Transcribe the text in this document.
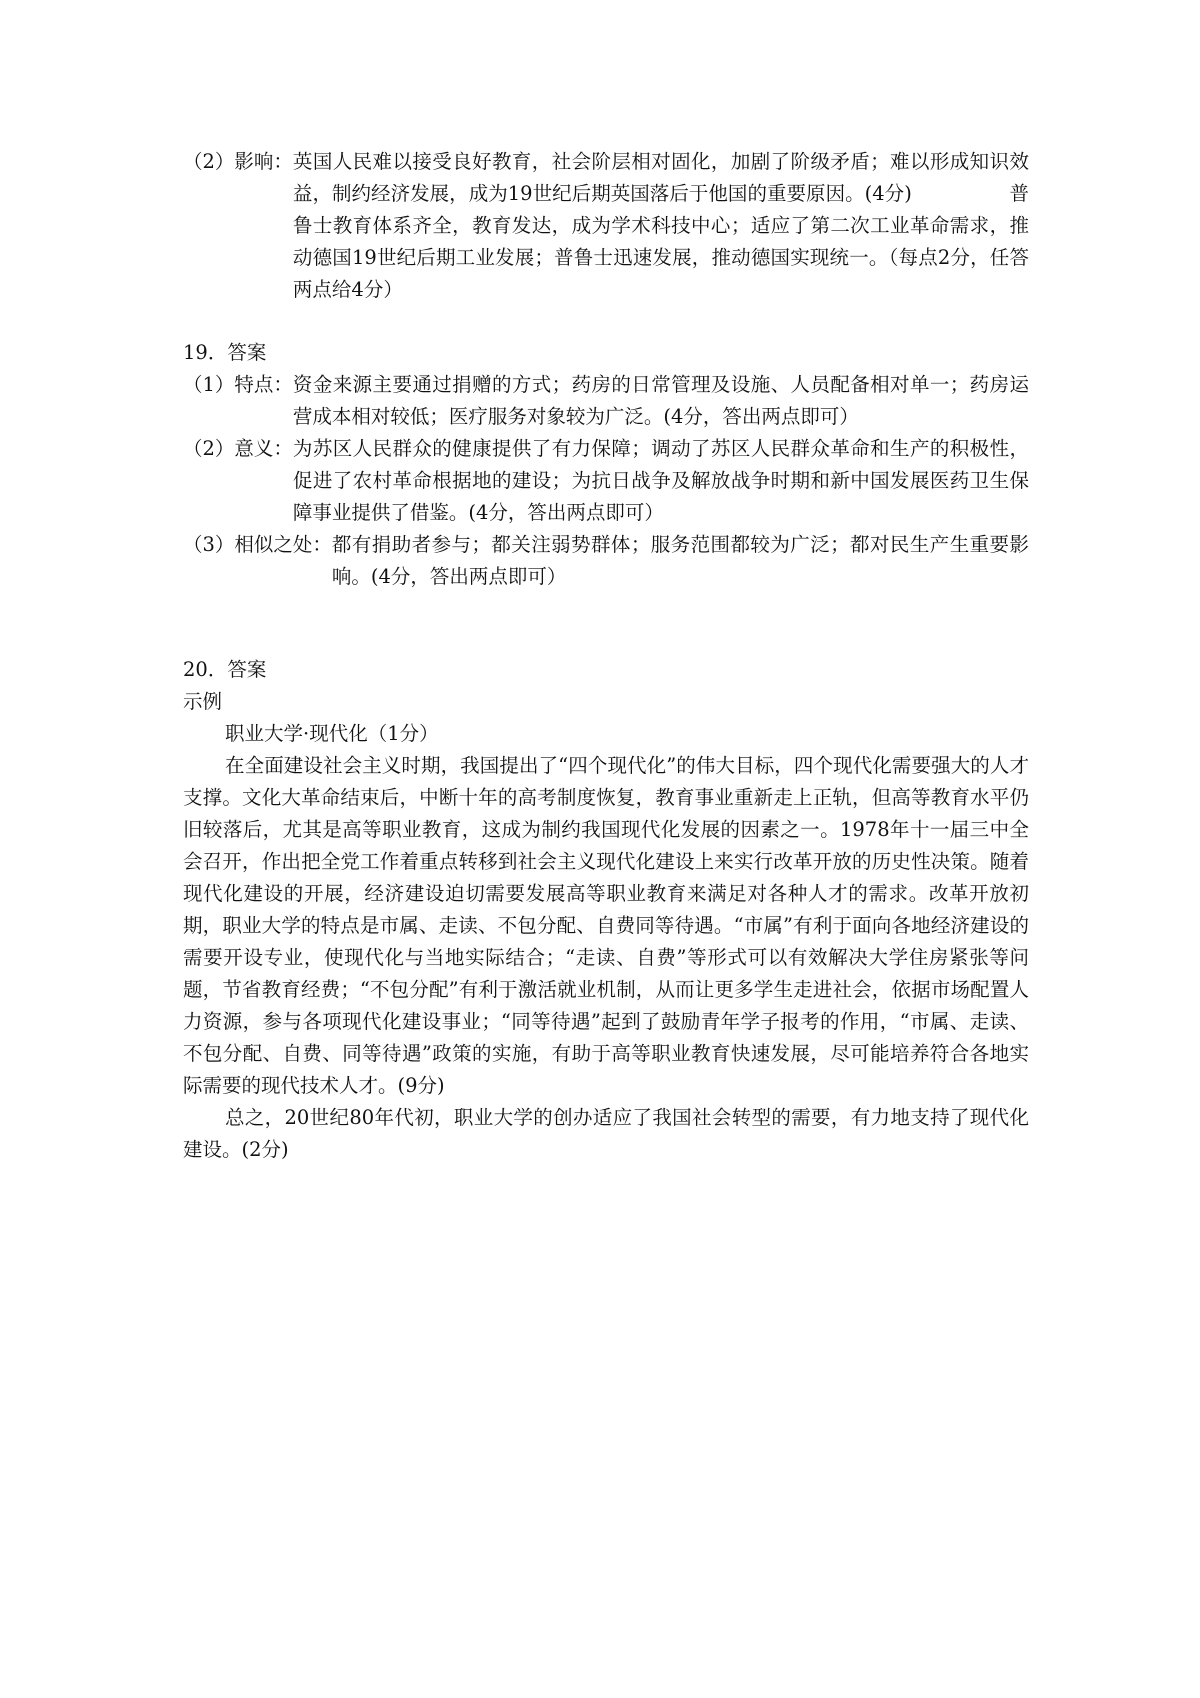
（2）影响： 英国人民难以接受良好教育，社会阶层相对固化，加剧了阶级矛盾；难以形成知识效益，制约经济发展，成为19世纪后期英国落后于他国的重要原因。(4分)　　　　　普鲁士教育体系齐全，教育发达，成为学术科技中心；适应了第二次工业革命需求，推动德国19世纪后期工业发展；普鲁士迅速发展，推动德国实现统一。（每点2分，任答两点给4分）
19．答案
（1）特点： 资金来源主要通过捐赠的方式；药房的日常管理及设施、人员配备相对单一；药房运营成本相对较低；医疗服务对象较为广泛。(4分，答出两点即可）
（2）意义： 为苏区人民群众的健康提供了有力保障；调动了苏区人民群众革命和生产的积极性，促进了农村革命根据地的建设；为抗日战争及解放战争时期和新中国发展医药卫生保障事业提供了借鉴。(4分，答出两点即可）
（3）相似之处： 都有捐助者参与；都关注弱势群体；服务范围都较为广泛；都对民生产生重要影响。(4分，答出两点即可）
20．答案
示例
职业大学·现代化（1分）
在全面建设社会主义时期，我国提出了“四个现代化”的伟大目标，四个现代化需要强大的人才支撑。文化大革命结束后，中断十年的高考制度恢复，教育事业重新走上正轨，但高等教育水平仍旧较落后，尤其是高等职业教育，这成为制约我国现代化发展的因素之一。1978年十一届三中全会召开，作出把全党工作着重点转移到社会主义现代化建设上来实行改革开放的历史性决策。随着现代化建设的开展，经济建设迫切需要发展高等职业教育来满足对各种人才的需求。改革开放初期，职业大学的特点是市属、走读、不包分配、自费同等待遇。“市属”有利于面向各地经济建设的需要开设专业，使现代化与当地实际结合；“走读、自费”等形式可以有效解决大学住房紧张等问题，节省教育经费；“不包分配”有利于激活就业机制，从而让更多学生走进社会，依据市场配置人力资源，参与各项现代化建设事业；“同等待遇”起到了鼓励青年学子报考的作用，“市属、走读、不包分配、自费、同等待遇”政策的实施，有助于高等职业教育快速发展，尽可能培养符合各地实际需要的现代技术人才。(9分)
总之，20世纪80年代初，职业大学的创办适应了我国社会转型的需要，有力地支持了现代化建设。(2分)
